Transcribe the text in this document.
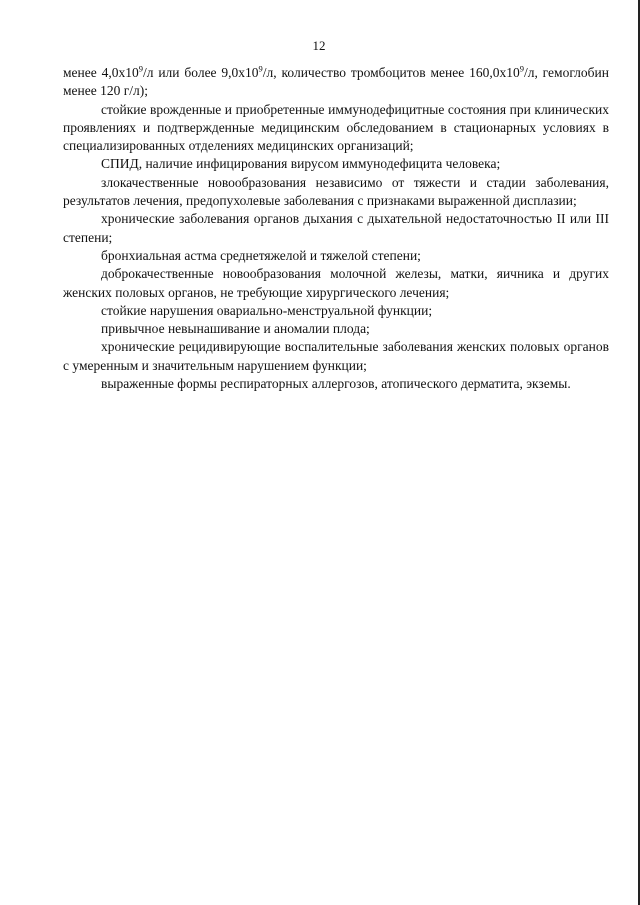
12

менее $4,0х10^9/л$ или более $9,0х10^9/л$, количество тромбоцитов менее $160,0х10^9/л$, гемоглобин менее 120 г/л);

стойкие врожденные и приобретенные иммунодефицитные состояния при клинических проявлениях и подтвержденные медицинским обследованием в стационарных условиях в специализированных отделениях медицинских организаций;

СПИД, наличие инфицирования вирусом иммунодефицита человека;

злокачественные новообразования независимо от тяжести и стадии заболевания, результатов лечения, предопухолевые заболевания с признаками выраженной дисплазии;

хронические заболевания органов дыхания с дыхательной недостаточностью II или III степени;

бронхиальная астма среднетяжелой и тяжелой степени;

доброкачественные новообразования молочной железы, матки, яичника и других женских половых органов, не требующие хирургического лечения;

стойкие нарушения овариально-менструальной функции;

привычное невынашивание и аномалии плода;

хронические рецидивирующие воспалительные заболевания женских половых органов с умеренным и значительным нарушением функции;

выраженные формы респираторных аллергозов, атопического дерматита, экземы.
